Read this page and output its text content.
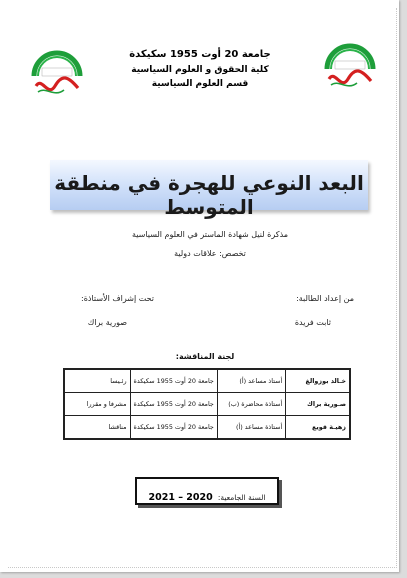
جامعة 20 أوت 1955 سكيكدة
كلية الحقوق و العلوم السياسية
قسم العلوم السياسية
البعد النوعي للهجرة في منطقة المتوسط
مذكرة لنيل شهادة الماستر في العلوم السياسية
تخصص: علاقات دولية
من إعداد الطالبة:
تحت إشراف الأستاذة:
ثابت فريدة
صورية براك
لجنة المناقشة:
خـالد بوزوالغ	أستاذ مساعد (أ)	جامعة 20 أوت 1955 سكيكدة	رئـيسا
صـورية براك	أستاذة محاضرة (ب)	جامعة 20 أوت 1955 سكيكدة	مشرفا و مقررا
زهيـة قويع	أستاذة مساعد (أ)	جامعة 20 أوت 1955 سكيكدة	مناقشا
السنة الجامعية: 2021 – 2020
